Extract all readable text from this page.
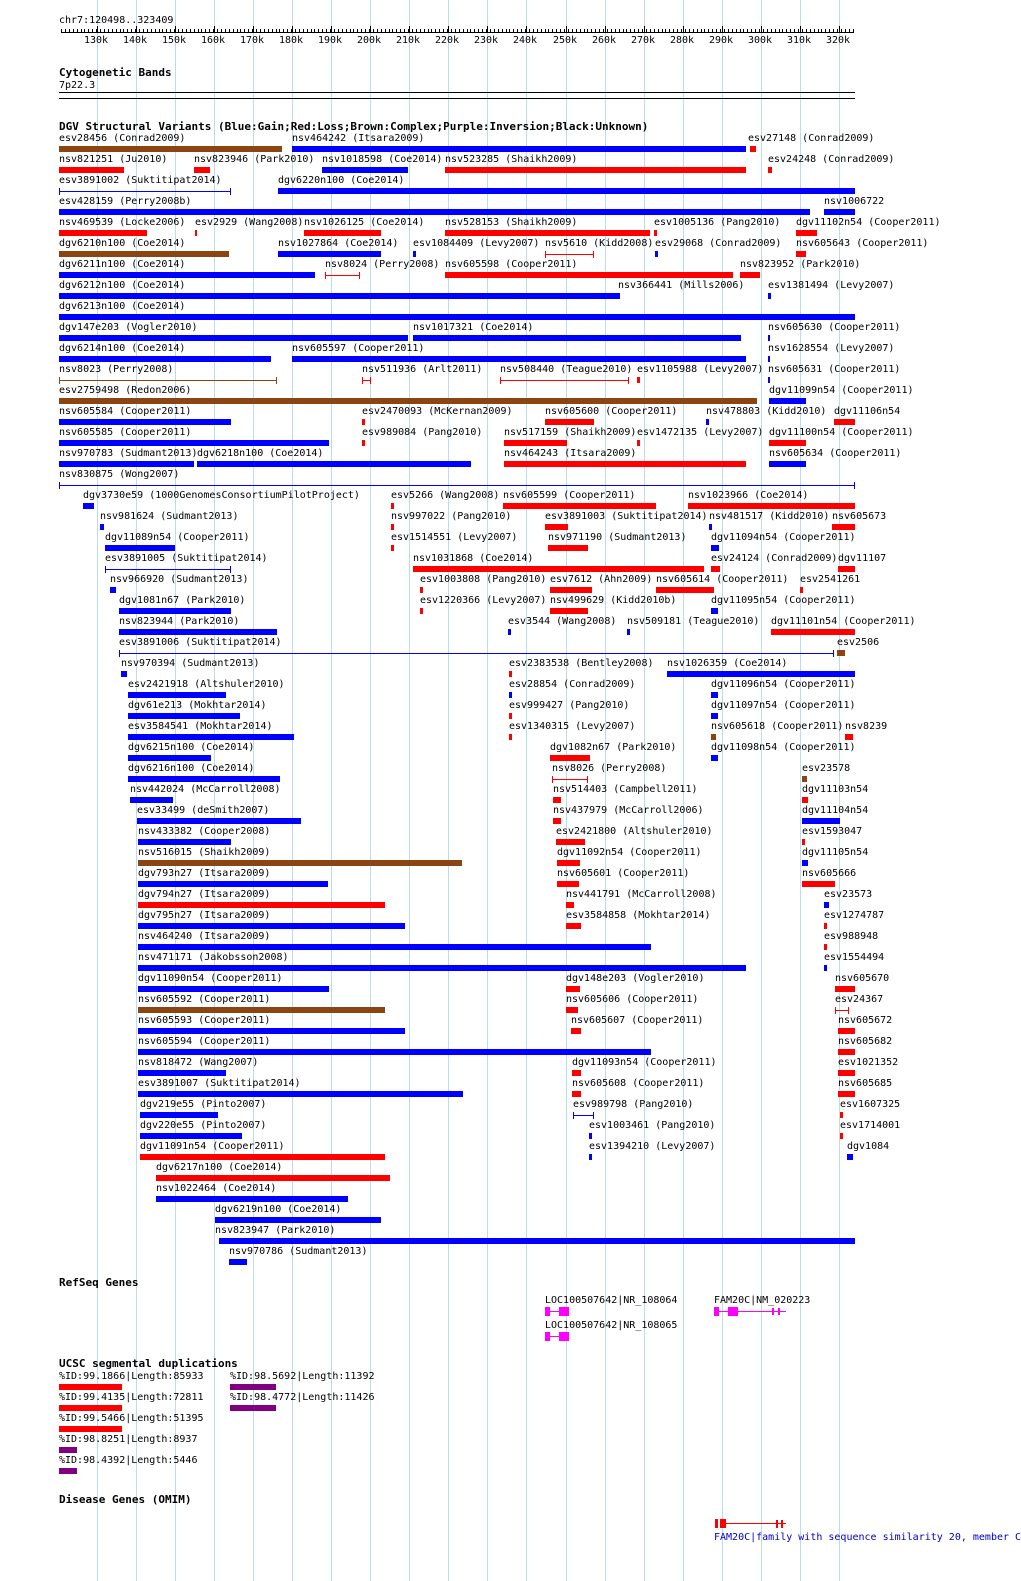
chr7:120498..323409
130k 140k 150k 160k 170k 180k 190k 200k 210k 220k 230k 240k 250k 260k 270k 280k 290k 300k 310k 320k
Cytogenetic Bands
7p22.3
DGV Structural Variants (Blue:Gain;Red:Loss;Brown:Complex;Purple:Inversion;Black:Unknown)
esv28456 (Conrad2009)	nsv464242 (Itsara2009)	esv27148 (Conrad2009)
nsv821251 (Ju2010)	nsv823946 (Park2010) nsv1018598 (Coe2014) nsv523285 (Shaikh2009)	esv24248 (Conrad2009)
esv3891002 (Suktitipat2014)	dgv6220n100 (Coe2014)
esv428159 (Perry2008b)	nsv1006722
nsv469539 (Locke2006) esv2929 (Wang2008) nsv1026125 (Coe2014) nsv528153 (Shaikh2009)	esv1005136 (Pang2010) dgv11102n54 (Cooper2011)
dgv6210n100 (Coe2014)	nsv1027864 (Coe2014) esv1084409 (Levy2007) nsv5610 (Kidd2008) esv29068 (Conrad2009) nsv605643 (Cooper2011)
dgv6211n100 (Coe2014)	nsv8024 (Perry2008) nsv605598 (Cooper2011)	nsv823952 (Park2010)
dgv6212n100 (Coe2014)	nsv366441 (Mills2006) esv1381494 (Levy2007)
dgv6213n100 (Coe2014)
dgv147e203 (Vogler2010)	nsv1017321 (Coe2014)	nsv605630 (Cooper2011)
dgv6214n100 (Coe2014)	nsv605597 (Cooper2011)	nsv1628554 (Levy2007)
nsv8023 (Perry2008)	nsv511936 (Arlt2011) nsv508440 (Teague2010) esv1105988 (Levy2007) nsv605631 (Cooper2011)
esv2759498 (Redon2006)	dgv11099n54 (Cooper2011)
nsv605584 (Cooper2011)	esv2470093 (McKernan2009)	nsv605600 (Cooper2011)	nsv478803 (Kidd2010) dgv11106n54
nsv605585 (Cooper2011)	esv989084 (Pang2010) nsv517159 (Shaikh2009) esv1472135 (Levy2007) dgv11100n54 (Cooper2011)
nsv970783 (Sudmant2013) dgv6218n100 (Coe2014)	nsv464243 (Itsara2009)	nsv605634 (Cooper2011)
nsv830875 (Wong2007)
dgv3730e59 (1000GenomesConsortiumPilotProject)	esv5266 (Wang2008) nsv605599 (Cooper2011)	nsv1023966 (Coe2014)
nsv981624 (Sudmant2013)	nsv997022 (Pang2010)	esv3891003 (Suktitipat2014) nsv481517 (Kidd2010) nsv605673
dgv11089n54 (Cooper2011)	esv1514551 (Levy2007)	nsv971190 (Sudmant2013) dgv11094n54 (Cooper2011)
esv3891005 (Suktitipat2014)	nsv1031868 (Coe2014)	esv24124 (Conrad2009) dgv11107
nsv966920 (Sudmant2013)	esv1003808 (Pang2010) esv7612 (Ahn2009) nsv605614 (Cooper2011) esv2541261
dgv1081n67 (Park2010)	esv1220366 (Levy2007) nsv499629 (Kidd2010b)	dgv11095n54 (Cooper2011)
nsv823944 (Park2010)	esv3544 (Wang2008) nsv509181 (Teague2010) dgv11101n54 (Cooper2011)
esv3891006 (Suktitipat2014)	esv2506
nsv970394 (Sudmant2013)	esv2383538 (Bentley2008) nsv1026359 (Coe2014)
esv2421918 (Altshuler2010)	esv28854 (Conrad2009)	dgv11096n54 (Cooper2011)
dgv61e213 (Mokhtar2014)	esv999427 (Pang2010)	dgv11097n54 (Cooper2011)
esv3584541 (Mokhtar2014)	esv1340315 (Levy2007)	nsv605618 (Cooper2011) nsv8239
dgv6215n100 (Coe2014)	dgv1082n67 (Park2010)	dgv11098n54 (Cooper2011)
dgv6216n100 (Coe2014)	nsv8026 (Perry2008)	esv23578
nsv442024 (McCarroll2008)	nsv514403 (Campbell2011)	dgv11103n54
esv33499 (deSmith2007)	nsv437979 (McCarroll2006)	dgv11104n54
nsv433382 (Cooper2008)	esv2421800 (Altshuler2010)	esv1593047
nsv516015 (Shaikh2009)	dgv11092n54 (Cooper2011)	dgv11105n54
dgv793n27 (Itsara2009)	nsv605601 (Cooper2011)	nsv605666
dgv794n27 (Itsara2009)	nsv441791 (McCarroll2008)	esv23573
dgv795n27 (Itsara2009)	esv3584858 (Mokhtar2014)	esv1274787
nsv464240 (Itsara2009)	esv988948
nsv471171 (Jakobsson2008)	esv1554494
dgv11090n54 (Cooper2011)	dgv148e203 (Vogler2010)	nsv605670
nsv605592 (Cooper2011)	nsv605606 (Cooper2011)	esv24367
nsv605593 (Cooper2011)	nsv605607 (Cooper2011)	nsv605672
nsv605594 (Cooper2011)	nsv605682
nsv818472 (Wang2007)	dgv11093n54 (Cooper2011)	esv1021352
esv3891007 (Suktitipat2014)	nsv605608 (Cooper2011)	nsv605685
dgv219e55 (Pinto2007)	esv989798 (Pang2010)	esv1607325
dgv220e55 (Pinto2007)	esv1003461 (Pang2010)	esv1714001
dgv11091n54 (Cooper2011)	esv1394210 (Levy2007)	dgv1084
dgv6217n100 (Coe2014)
nsv1022464 (Coe2014)
dgv6219n100 (Coe2014)
nsv823947 (Park2010)
nsv970786 (Sudmant2013)
RefSeq Genes
LOC100507642|NR_108064	FAM20C|NM_020223
LOC100507642|NR_108065
UCSC segmental duplications
%ID:99.1866|Length:85933	%ID:98.5692|Length:11392
%ID:99.4135|Length:72811	%ID:98.4772|Length:11426
%ID:99.5466|Length:51395
%ID:98.8251|Length:8937
%ID:98.4392|Length:5446
Disease Genes (OMIM)
FAM20C|family with sequence similarity 20, member C
